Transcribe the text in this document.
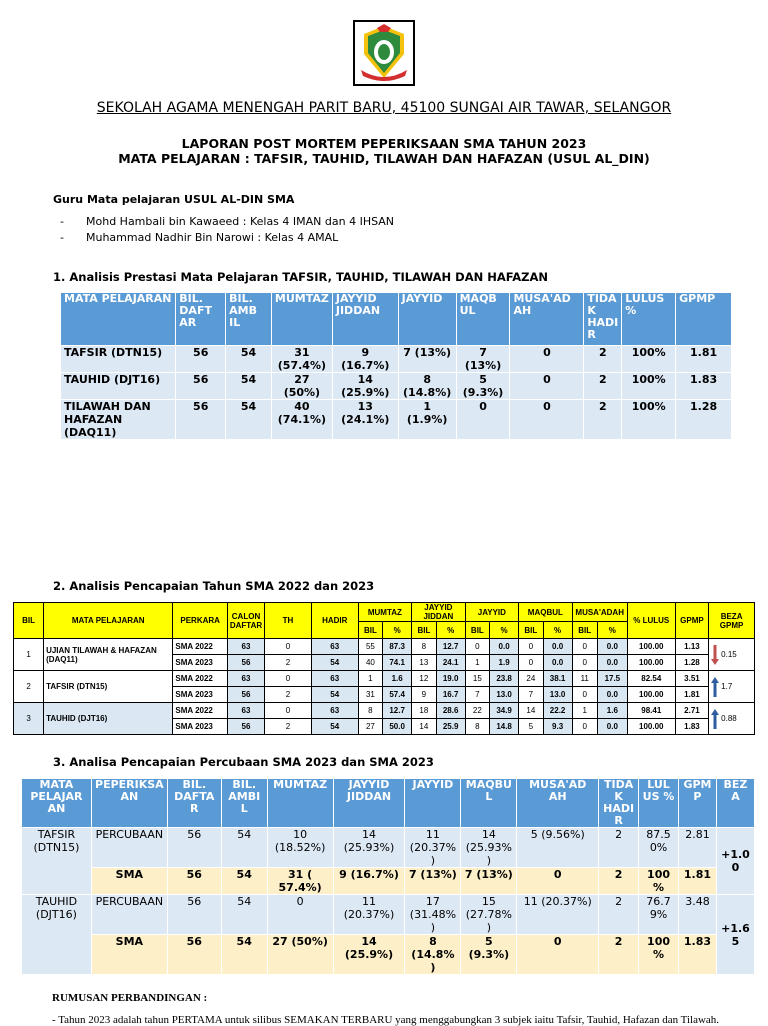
SEKOLAH AGAMA MENENGAH PARIT BARU, 45100 SUNGAI AIR TAWAR, SELANGOR
LAPORAN POST MORTEM PEPERIKSAAN SMA TAHUN 2023
MATA PELAJARAN : TAFSIR, TAUHID, TILAWAH DAN HAFAZAN (USUL AL_DIN)
Guru Mata pelajaran USUL AL-DIN SMA
- Mohd Hambali bin Kawaeed : Kelas 4 IMAN dan 4 IHSAN
- Muhammad Nadhir Bin Narowi : Kelas 4 AMAL
1. Analisis Prestasi Mata Pelajaran TAFSIR, TAUHID, TILAWAH DAN HAFAZAN
MATA PELAJARAN	BIL. DAFT AR	BIL. AMB IL	MUMTAZ	JAYYID JIDDAN	JAYYID	MAQB UL	MUSA'AD AH	TIDA K HADI R	LULUS %	GPMP
TAFSIR (DTN15)	56	54	31 (57.4%)	9 (16.7%)	7 (13%)	7 (13%)	0	2	100%	1.81
TAUHID (DJT16)	56	54	27 (50%)	14 (25.9%)	8 (14.8%)	5 (9.3%)	0	2	100%	1.83
TILAWAH DAN HAFAZAN (DAQ11)	56	54	40 (74.1%)	13 (24.1%)	1 (1.9%)	0	0	2	100%	1.28
2. Analisis Pencapaian Tahun SMA 2022 dan 2023
BIL	MATA PELAJARAN	PERKARA	CALON DAFTAR	TH	HADIR	MUMTAZ		JAYYID JIDDAN		JAYYID		MAQBUL		MUSA'ADAH		% LULUS	GPMP	BEZA GPMP
						BIL	%	BIL	%	BIL	%	BIL	%	BIL	%			
1	UJIAN TILAWAH & HAFAZAN (DAQ11)	SMA 2022	63	0	63	55	87.3	8	12.7	0	0.0	0	0.0	0	0.0	100.00	1.13	0.15
		SMA 2023	56	2	54	40	74.1	13	24.1	1	1.9	0	0.0	0	0.0	100.00	1.28	
2	TAFSIR (DTN15)	SMA 2022	63	0	63	1	1.6	12	19.0	15	23.8	24	38.1	11	17.5	82.54	3.51	1.7
		SMA 2023	56	2	54	31	57.4	9	16.7	7	13.0	7	13.0	0	0.0	100.00	1.81	
3	TAUHID (DJT16)	SMA 2022	63	0	63	8	12.7	18	28.6	22	34.9	14	22.2	1	1.6	98.41	2.71	0.88
		SMA 2023	56	2	54	27	50.0	14	25.9	8	14.8	5	9.3	0	0.0	100.00	1.83	
3. Analisa Pencapaian Percubaan SMA 2023 dan SMA 2023
MATA PELAJAR AN	PEPERIKSA AN	BIL. DAFTA R	BIL. AMBI L	MUMTAZ	JAYYID JIDDAN	JAYYID	MAQBU L	MUSA'AD AH	TIDA K HADI R	LUL US %	GPM P	BEZ A
TAFSIR (DTN15)	PERCUBAAN	56	54	10 (18.52%)	14 (25.93%)	11 (20.37% )	14 (25.93% )	5 (9.56%)	2	87.5 0%	2.81	+1.0 0
	SMA	56	54	31 ( 57.4%)	9 (16.7%)	7 (13%)	7 (13%)	0	2	100 %	1.81	
TAUHID (DJT16)	PERCUBAAN	56	54	0	11 (20.37%)	17 (31.48% )	15 (27.78% )	11 (20.37%)	2	76.7 9%	3.48	+1.6 5
	SMA	56	54	27 (50%)	14 (25.9%)	8 (14.8% )	5 (9.3%)	0	2	100 %	1.83	
RUMUSAN PERBANDINGAN :
- Tahun 2023 adalah tahun PERTAMA untuk silibus SEMAKAN TERBARU yang menggabungkan 3 subjek iaitu Tafsir, Tauhid, Hafazan dan Tilawah.
